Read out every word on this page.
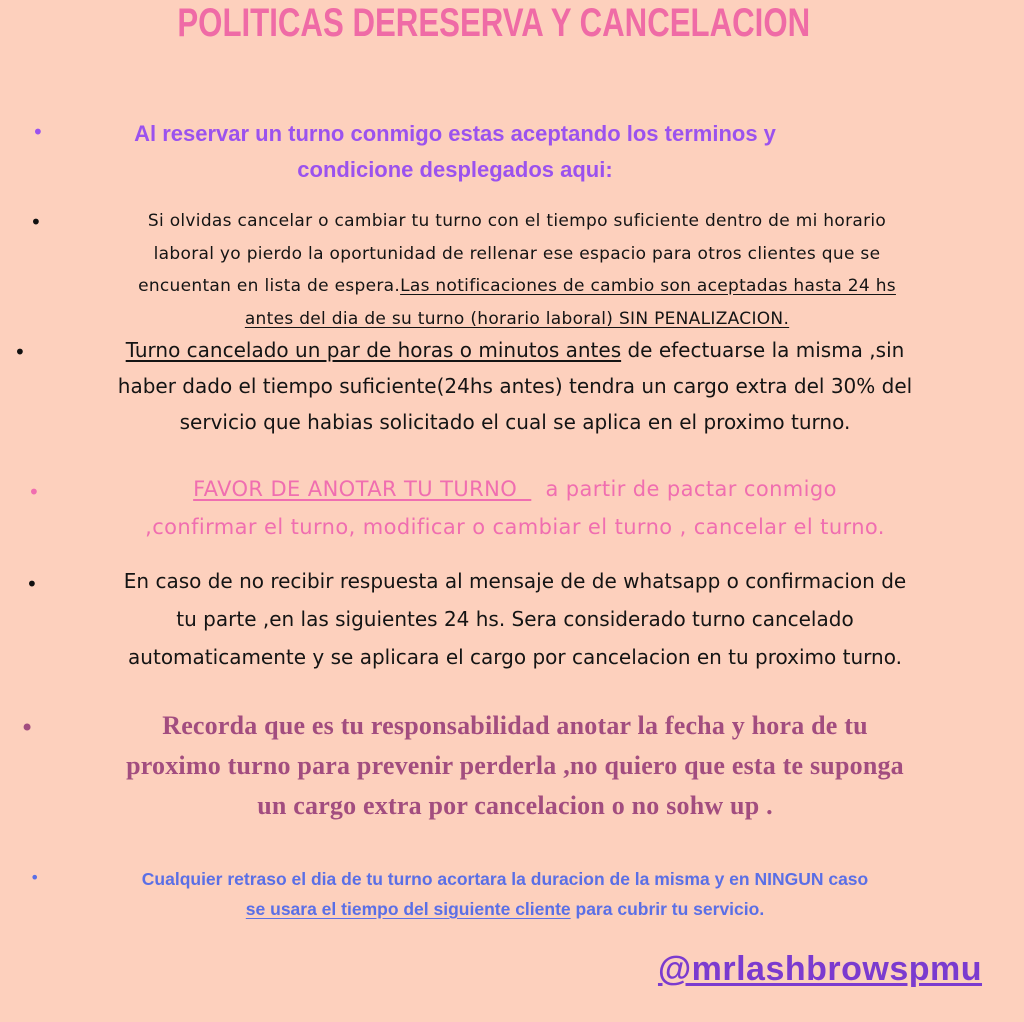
POLITICAS DERESERVA Y CANCELACION
•	Al reservar un turno conmigo estas aceptando los terminos y
condicione desplegados aqui:
•	Si olvidas cancelar o cambiar tu turno con el tiempo suficiente dentro de mi horario
laboral yo pierdo la oportunidad de rellenar ese espacio para otros clientes que se
encuentan en lista de espera.Las notificaciones de cambio son aceptadas hasta 24 hs
antes del dia de su turno (horario laboral) SIN PENALIZACION.
•	Turno cancelado un par de horas o minutos antes de efectuarse la misma ,sin
haber dado el tiempo suficiente(24hs antes) tendra un cargo extra del 30% del
servicio que habias solicitado el cual se aplica en el proximo turno.
•	FAVOR DE ANOTAR TU TURNO    a partir de pactar conmigo
,confirmar el turno, modificar o cambiar el turno , cancelar el turno.
•	En caso de no recibir respuesta al mensaje de de whatsapp o confirmacion de
tu parte ,en las siguientes 24 hs. Sera considerado turno cancelado
automaticamente y se aplicara el cargo por cancelacion en tu proximo turno.
•	Recorda que es tu responsabilidad anotar la fecha y hora de tu
proximo turno para prevenir perderla ,no quiero que esta te suponga
un cargo extra por cancelacion o no sohw up .
•	Cualquier retraso el dia de tu turno acortara la duracion de la misma y en NINGUN caso
se usara el tiempo del siguiente cliente para cubrir tu servicio.
@mrlashbrowspmu
